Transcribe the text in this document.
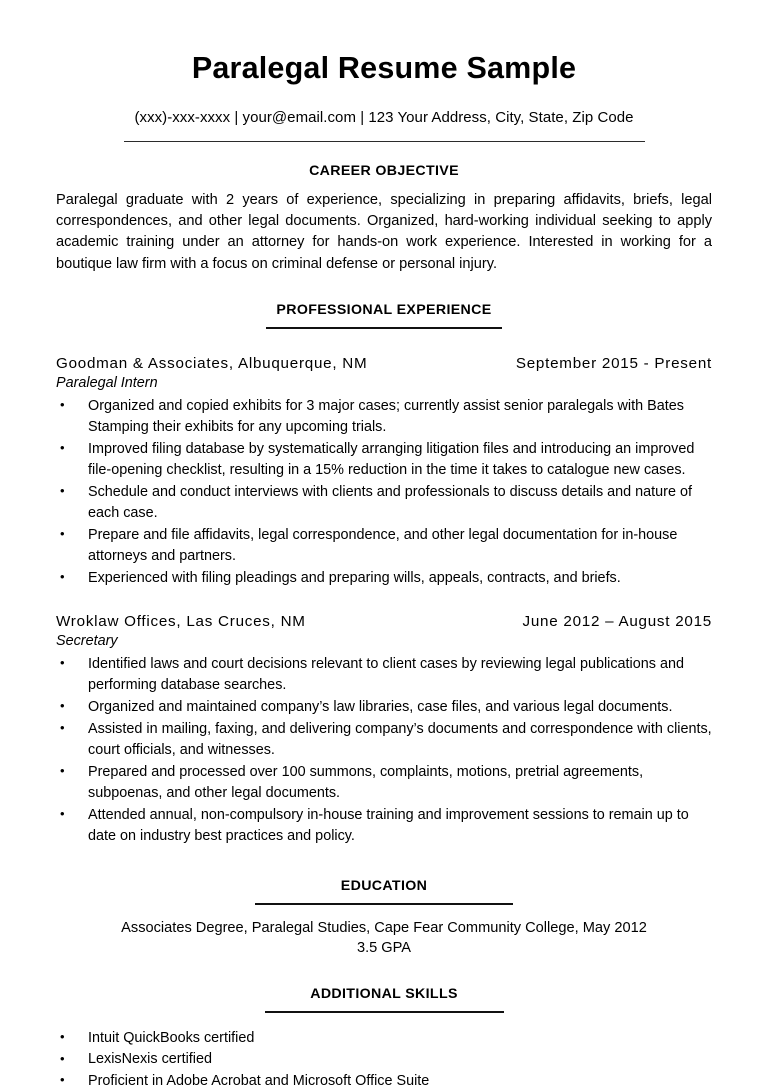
Paralegal Resume Sample
(xxx)-xxx-xxxx | your@email.com | 123 Your Address, City, State, Zip Code
CAREER OBJECTIVE

Paralegal graduate with 2 years of experience, specializing in preparing affidavits, briefs, legal correspondences, and other legal documents. Organized, hard-working individual seeking to apply academic training under an attorney for hands-on work experience. Interested in working for a boutique law firm with a focus on criminal defense or personal injury.

PROFESSIONAL EXPERIENCE
Goodman & Associates, Albuquerque, NM	September 2015 - Present
Paralegal Intern
• Organized and copied exhibits for 3 major cases; currently assist senior paralegals with Bates Stamping their exhibits for any upcoming trials.
• Improved filing database by systematically arranging litigation files and introducing an improved file-opening checklist, resulting in a 15% reduction in the time it takes to catalogue new cases.
• Schedule and conduct interviews with clients and professionals to discuss details and nature of each case.
• Prepare and file affidavits, legal correspondence, and other legal documentation for in-house attorneys and partners.
• Experienced with filing pleadings and preparing wills, appeals, contracts, and briefs.
Wroklaw Offices, Las Cruces, NM	June 2012 – August 2015
Secretary
• Identified laws and court decisions relevant to client cases by reviewing legal publications and performing database searches.
• Organized and maintained company’s law libraries, case files, and various legal documents.
• Assisted in mailing, faxing, and delivering company’s documents and correspondence with clients, court officials, and witnesses.
• Prepared and processed over 100 summons, complaints, motions, pretrial agreements, subpoenas, and other legal documents.
• Attended annual, non-compulsory in-house training and improvement sessions to remain up to date on industry best practices and policy.
EDUCATION
Associates Degree, Paralegal Studies, Cape Fear Community College, May 2012
3.5 GPA
ADDITIONAL SKILLS
• Intuit QuickBooks certified
• LexisNexis certified
• Proficient in Adobe Acrobat and Microsoft Office Suite
